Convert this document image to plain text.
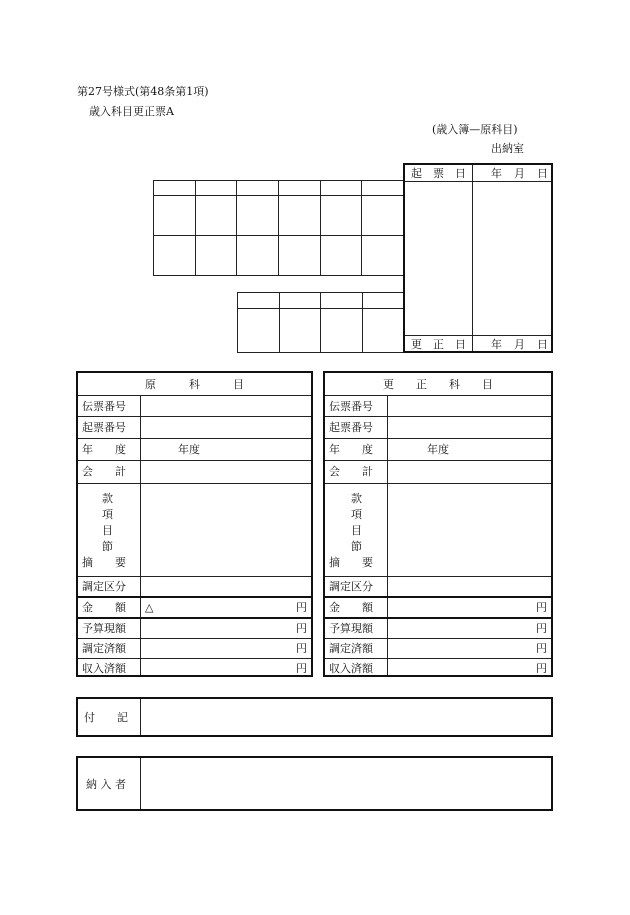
第27号様式(第48条第1項)
歳入科目更正票A
(歳入簿—原科目)
出納室

起　票　日 年 月 日
更　正　日 年 月 日
原　　　科　　　目
伝票番号
起票番号
年　　度	年度
会　　計
款
項
目
節
摘　　要
調定区分
金　　額 △	円
予算現額	円
調定済額	円
収入済額	円
更　　正　　科　　目
伝票番号
起票番号
年　　度	年度
会　　計
款
項
目
節
摘　　要
調定区分
金　　額	円
予算現額	円
調定済額	円
収入済額	円
付　　記
納 入 者
